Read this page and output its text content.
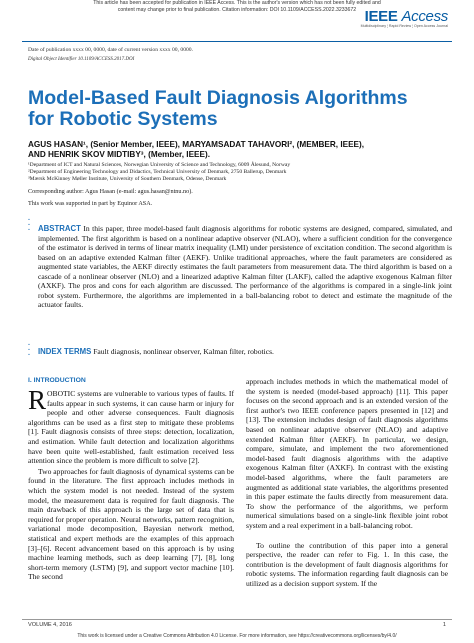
This article has been accepted for publication in IEEE Access. This is the author's version which has not been fully edited and
content may change prior to final publication. Citation information: DOI 10.1109/ACCESS.2022.3233672 IEEE Access
Multidisciplinary ¦ Rapid Review ¦ Open Access Journal
Date of publication xxxx 00, 0000, date of current version xxxx 00, 0000.
Digital Object Identifier 10.1109/ACCESS.2017.DOI
Model-Based Fault Diagnosis Algorithms
for Robotic Systems
AGUS HASAN¹, (Senior Member, IEEE), MARYAMSADAT TAHAVORI², (MEMBER, IEEE),
AND HENRIK SKOV MIDTIBY³, (Member, IEEE).
¹Department of ICT and Natural Sciences, Norwegian University of Science and Technology, 6009 Ålesund, Norway
²Department of Engineering Technology and Didactics, Technical University of Denmark, 2750 Ballerup, Denmark
³Mærsk McKinney Møller Institute, University of Southern Denmark, Odense, Denmark
Corresponding author: Agus Hasan (e-mail: agus.hasan@ntnu.no).
This work was supported in part by Equinor ASA.
·
·
· ABSTRACT In this paper, three model-based fault diagnosis algorithms for robotic systems are designed, compared, simulated, and implemented. The first algorithm is based on a nonlinear adaptive observer (NLAO), where a sufficient condition for the convergence of the estimator is derived in terms of linear matrix inequality (LMI) under persistence of excitation condition. The second algorithm is based on an adaptive extended Kalman filter (AEKF). Unlike traditional approaches, where the fault parameters are considered as augmented state variables, the AEKF directly estimates the fault parameters from measurement data. The third algorithm is based on a cascade of a nonlinear observer (NLO) and a linearized adaptive Kalman filter (LAKF), called the adaptive exogenous Kalman filter (AXKF). The pros and cons for each algorithm are discussed. The performance of the algorithms is compared in a single-link joint robot system. Furthermore, the algorithms are implemented in a ball-balancing robot to detect and estimate the magnitude of the actuator faults.
·
·
· INDEX TERMS Fault diagnosis, nonlinear observer, Kalman filter, robotics.
I. INTRODUCTION

ROBOTIC systems are vulnerable to various types of faults. If faults appear in such systems, it can cause harm or injury for people and other adverse consequences. Fault diagnosis algorithms can be used as a first step to mitigate these problems [1]. Fault diagnosis consists of three steps: detection, localization, and estimation. While fault detection and localization algorithms have been quite well-established, fault estimation received less attention since the problem is more difficult to solve [2].

Two approaches for fault diagnosis of dynamical systems can be found in the literature. The first approach includes methods in which the system model is not needed. Instead of the system model, the measurement data is required for fault diagnosis. The main drawback of this approach is the large set of data that is required for proper operation. Neural networks, pattern recognition, variational mode decomposition, Bayesian network method, statistical and expert methods are the examples of this approach [3]–[6]. Recent advancement based on this approach is by using machine learning methods, such as deep learning [7], [8], long short-term memory (LSTM) [9], and support vector machine [10]. The second

approach includes methods in which the mathematical model of the system is needed (model-based approach) [11]. This paper focuses on the second approach and is an extended version of the first author's two IEEE conference papers presented in [12] and [13]. The extension includes design of fault diagnosis algorithms based on nonlinear adaptive observer (NLAO) and adaptive extended Kalman filter (AEKF). In particular, we design, compare, simulate, and implement the two aforementioned model-based fault diagnosis algorithms with the adaptive exogenous Kalman filter (AXKF). In contrast with the existing model-based algorithms, where the fault parameters are augmented as additional state variables, the algorithms presented in this paper estimate the faults directly from measurement data. To show the performance of the algorithms, we perform numerical simulations based on a single-link flexible joint robot system and a real experiment in a ball-balancing robot.

To outline the contribution of this paper into a general perspective, the reader can refer to Fig. 1. In this case, the contribution is the development of fault diagnosis algorithms for robotic systems. The information regarding fault diagnosis can be utilized as a decision support system. If the

VOLUME 4, 2016	1
This work is licensed under a Creative Commons Attribution 4.0 License. For more information, see https://creativecommons.org/licenses/by/4.0/
